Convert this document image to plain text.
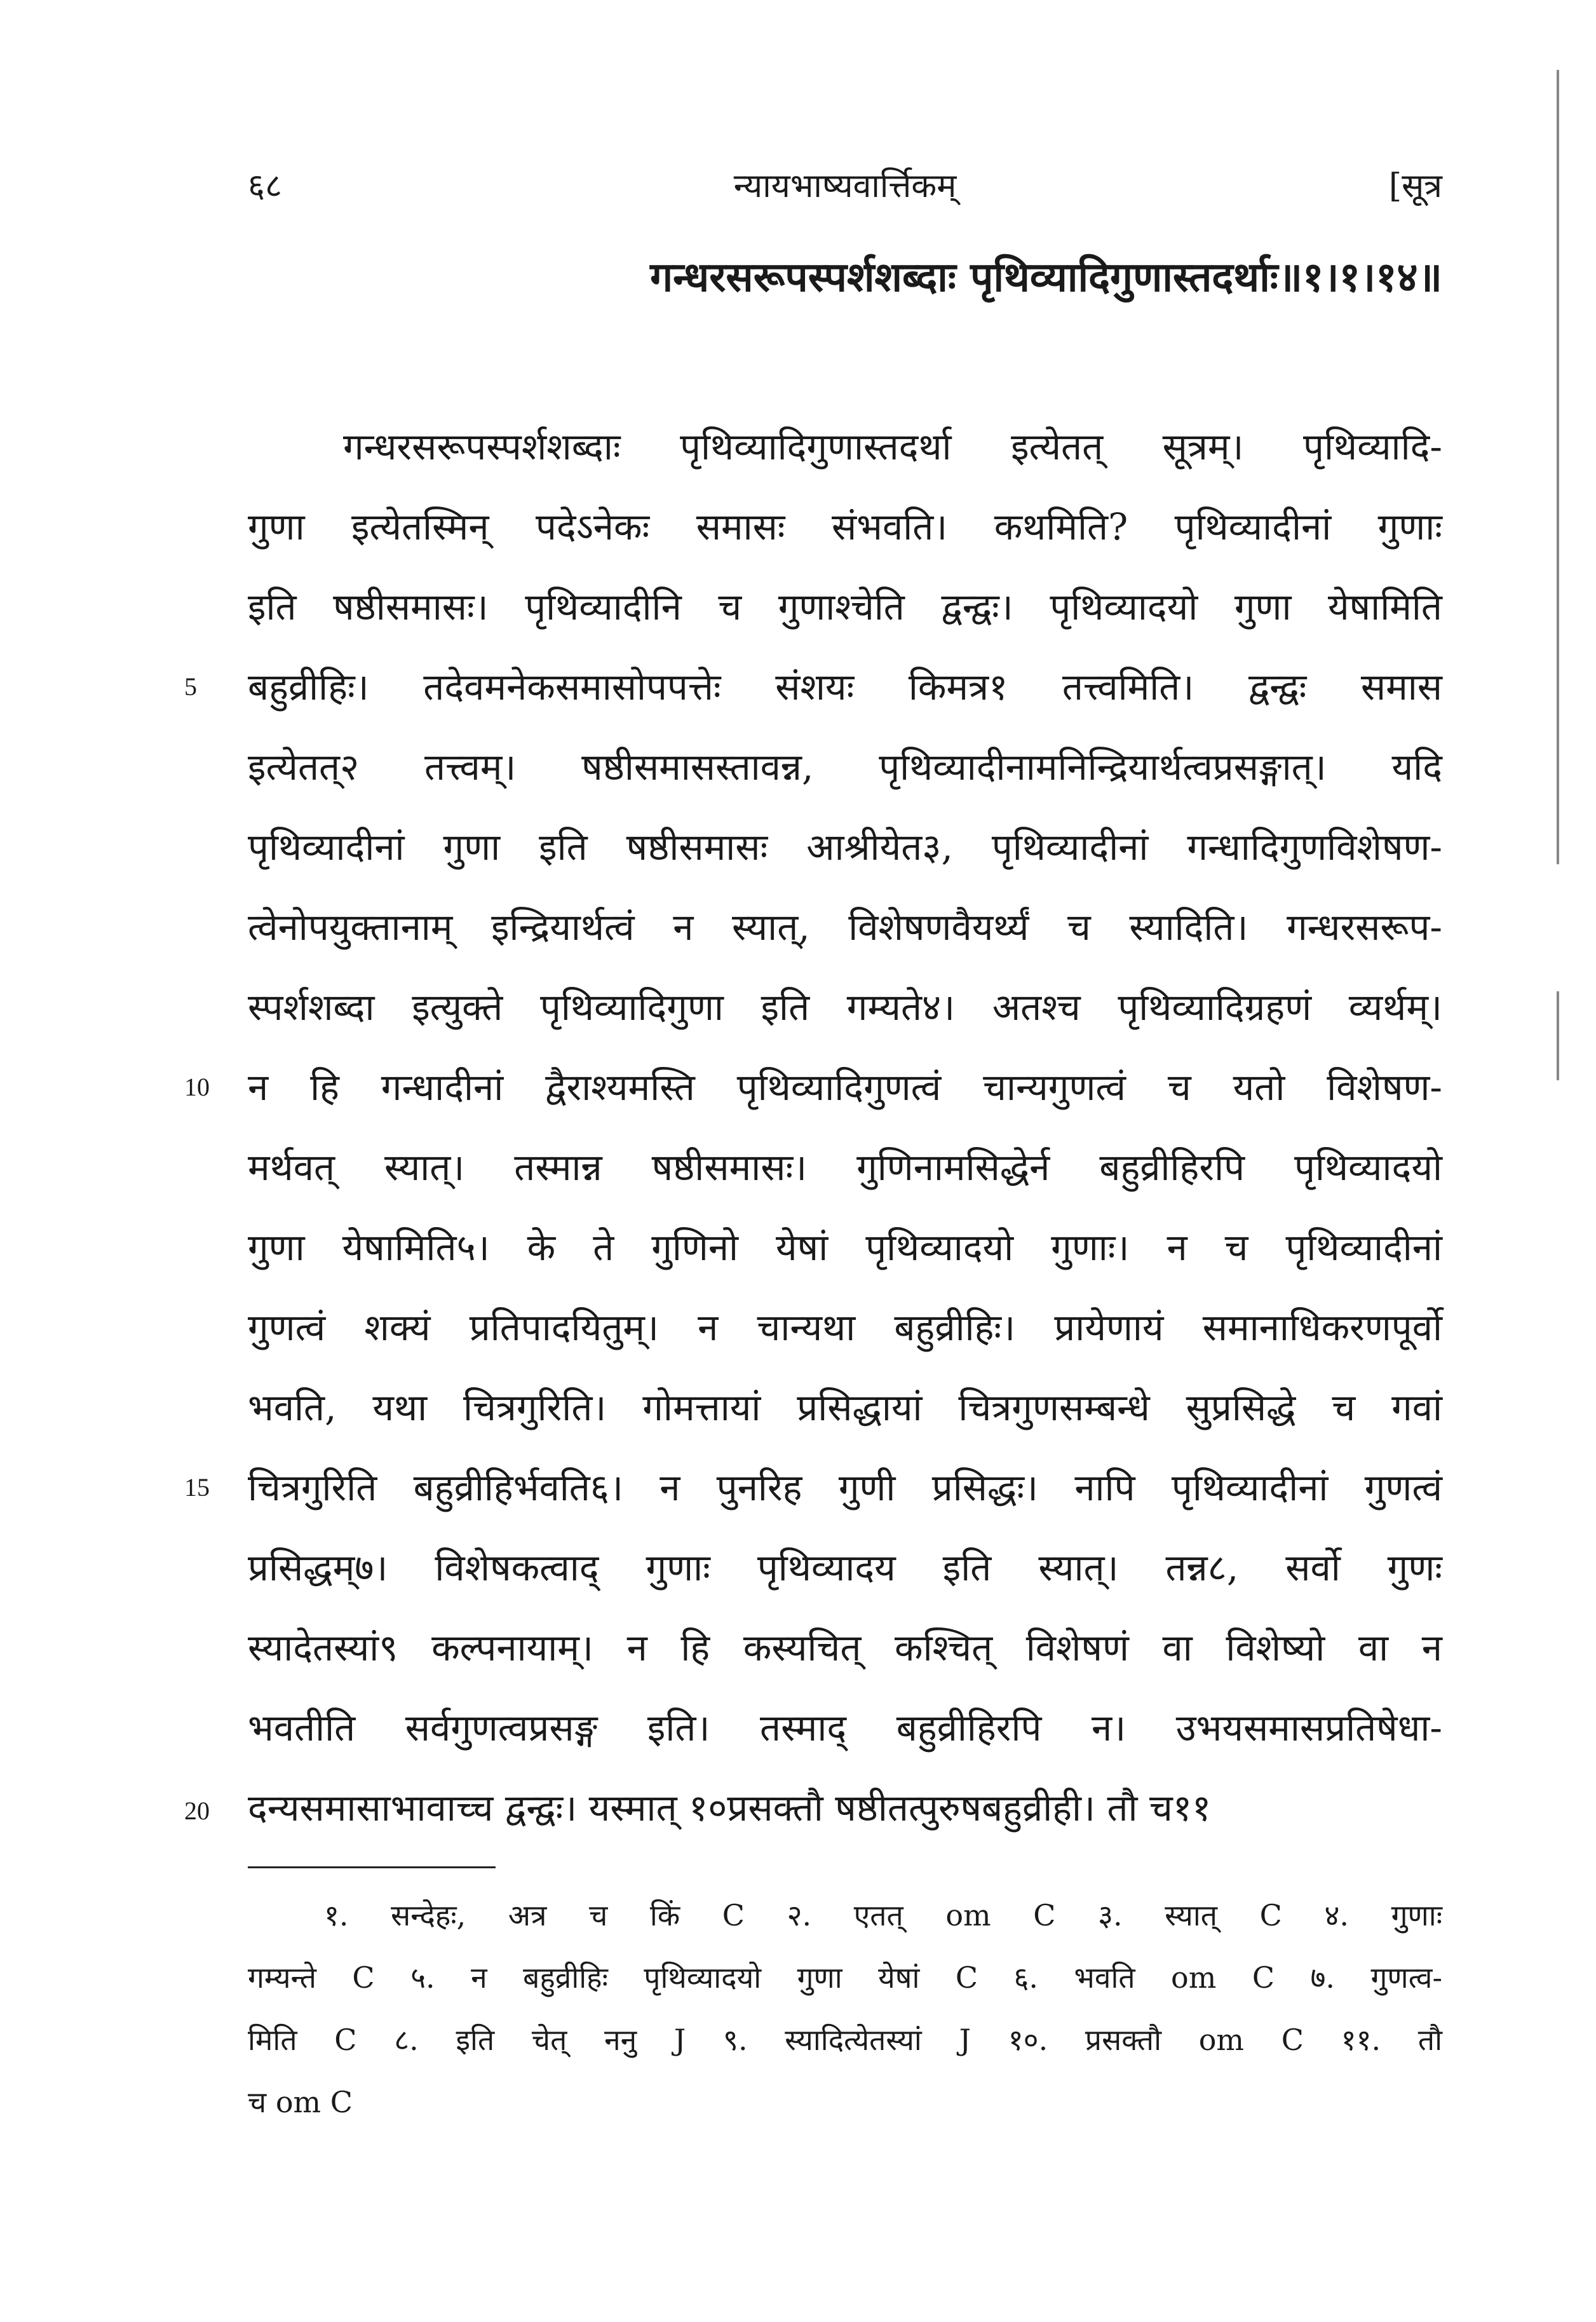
६८	न्यायभाष्यवार्त्तिकम्	[सूत्र
गन्धरसरूपस्पर्शशब्दाः पृथिव्यादिगुणास्तदर्थाः॥१।१।१४॥
गन्धरसरूपस्पर्शशब्दाः पृथिव्यादिगुणास्तदर्था इत्येतत् सूत्रम्। पृथिव्यादि-
गुणा इत्येतस्मिन् पदेऽनेकः समासः संभवति। कथमिति? पृथिव्यादीनां गुणाः
इति षष्ठीसमासः। पृथिव्यादीनि च गुणाश्चेति द्वन्द्वः। पृथिव्यादयो गुणा येषामिति
5 बहुव्रीहिः। तदेवमनेकसमासोपपत्तेः संशयः किमत्र१ तत्त्वमिति। द्वन्द्वः समास
इत्येतत्२ तत्त्वम्। षष्ठीसमासस्तावन्न, पृथिव्यादीनामनिन्द्रियार्थत्वप्रसङ्गात्। यदि
पृथिव्यादीनां गुणा इति षष्ठीसमासः आश्रीयेत३, पृथिव्यादीनां गन्धादिगुणविशेषण-
त्वेनोपयुक्तानाम् इन्द्रियार्थत्वं न स्यात्, विशेषणवैयर्थ्यं च स्यादिति। गन्धरसरूप-
स्पर्शशब्दा इत्युक्ते पृथिव्यादिगुणा इति गम्यते४। अतश्च पृथिव्यादिग्रहणं व्यर्थम्।
10 न हि गन्धादीनां द्वैराश्यमस्ति पृथिव्यादिगुणत्वं चान्यगुणत्वं च यतो विशेषण-
मर्थवत् स्यात्। तस्मान्न षष्ठीसमासः। गुणिनामसिद्धेर्न बहुव्रीहिरपि पृथिव्यादयो
गुणा येषामिति५। के ते गुणिनो येषां पृथिव्यादयो गुणाः। न च पृथिव्यादीनां
गुणत्वं शक्यं प्रतिपादयितुम्। न चान्यथा बहुव्रीहिः। प्रायेणायं समानाधिकरणपूर्वो
भवति, यथा चित्रगुरिति। गोमत्तायां प्रसिद्धायां चित्रगुणसम्बन्धे सुप्रसिद्धे च गवां
15 चित्रगुरिति बहुव्रीहिर्भवति६। न पुनरिह गुणी प्रसिद्धः। नापि पृथिव्यादीनां गुणत्वं
प्रसिद्धम्७। विशेषकत्वाद् गुणाः पृथिव्यादय इति स्यात्। तन्न८, सर्वो गुणः
स्यादेतस्यां९ कल्पनायाम्। न हि कस्यचित् कश्चित् विशेषणं वा विशेष्यो वा न
भवतीति सर्वगुणत्वप्रसङ्ग इति। तस्माद् बहुव्रीहिरपि न। उभयसमासप्रतिषेधा-
दन्यसमासाभावाच्च द्वन्द्वः। यस्मात् १०प्रसक्तौ षष्ठीतत्पुरुषबहुव्रीही। तौ च११
20
१. सन्देहः, अत्र च किं C २. एतत् om C ३. स्यात् C ४. गुणाः
गम्यन्ते C ५. न बहुव्रीहिः पृथिव्यादयो गुणा येषां C ६. भवति om C ७. गुणत्व-
मिति C ८. इति चेत् ननु J ९. स्यादित्येतस्यां J १०. प्रसक्तौ om C ११. तौ
च om C
